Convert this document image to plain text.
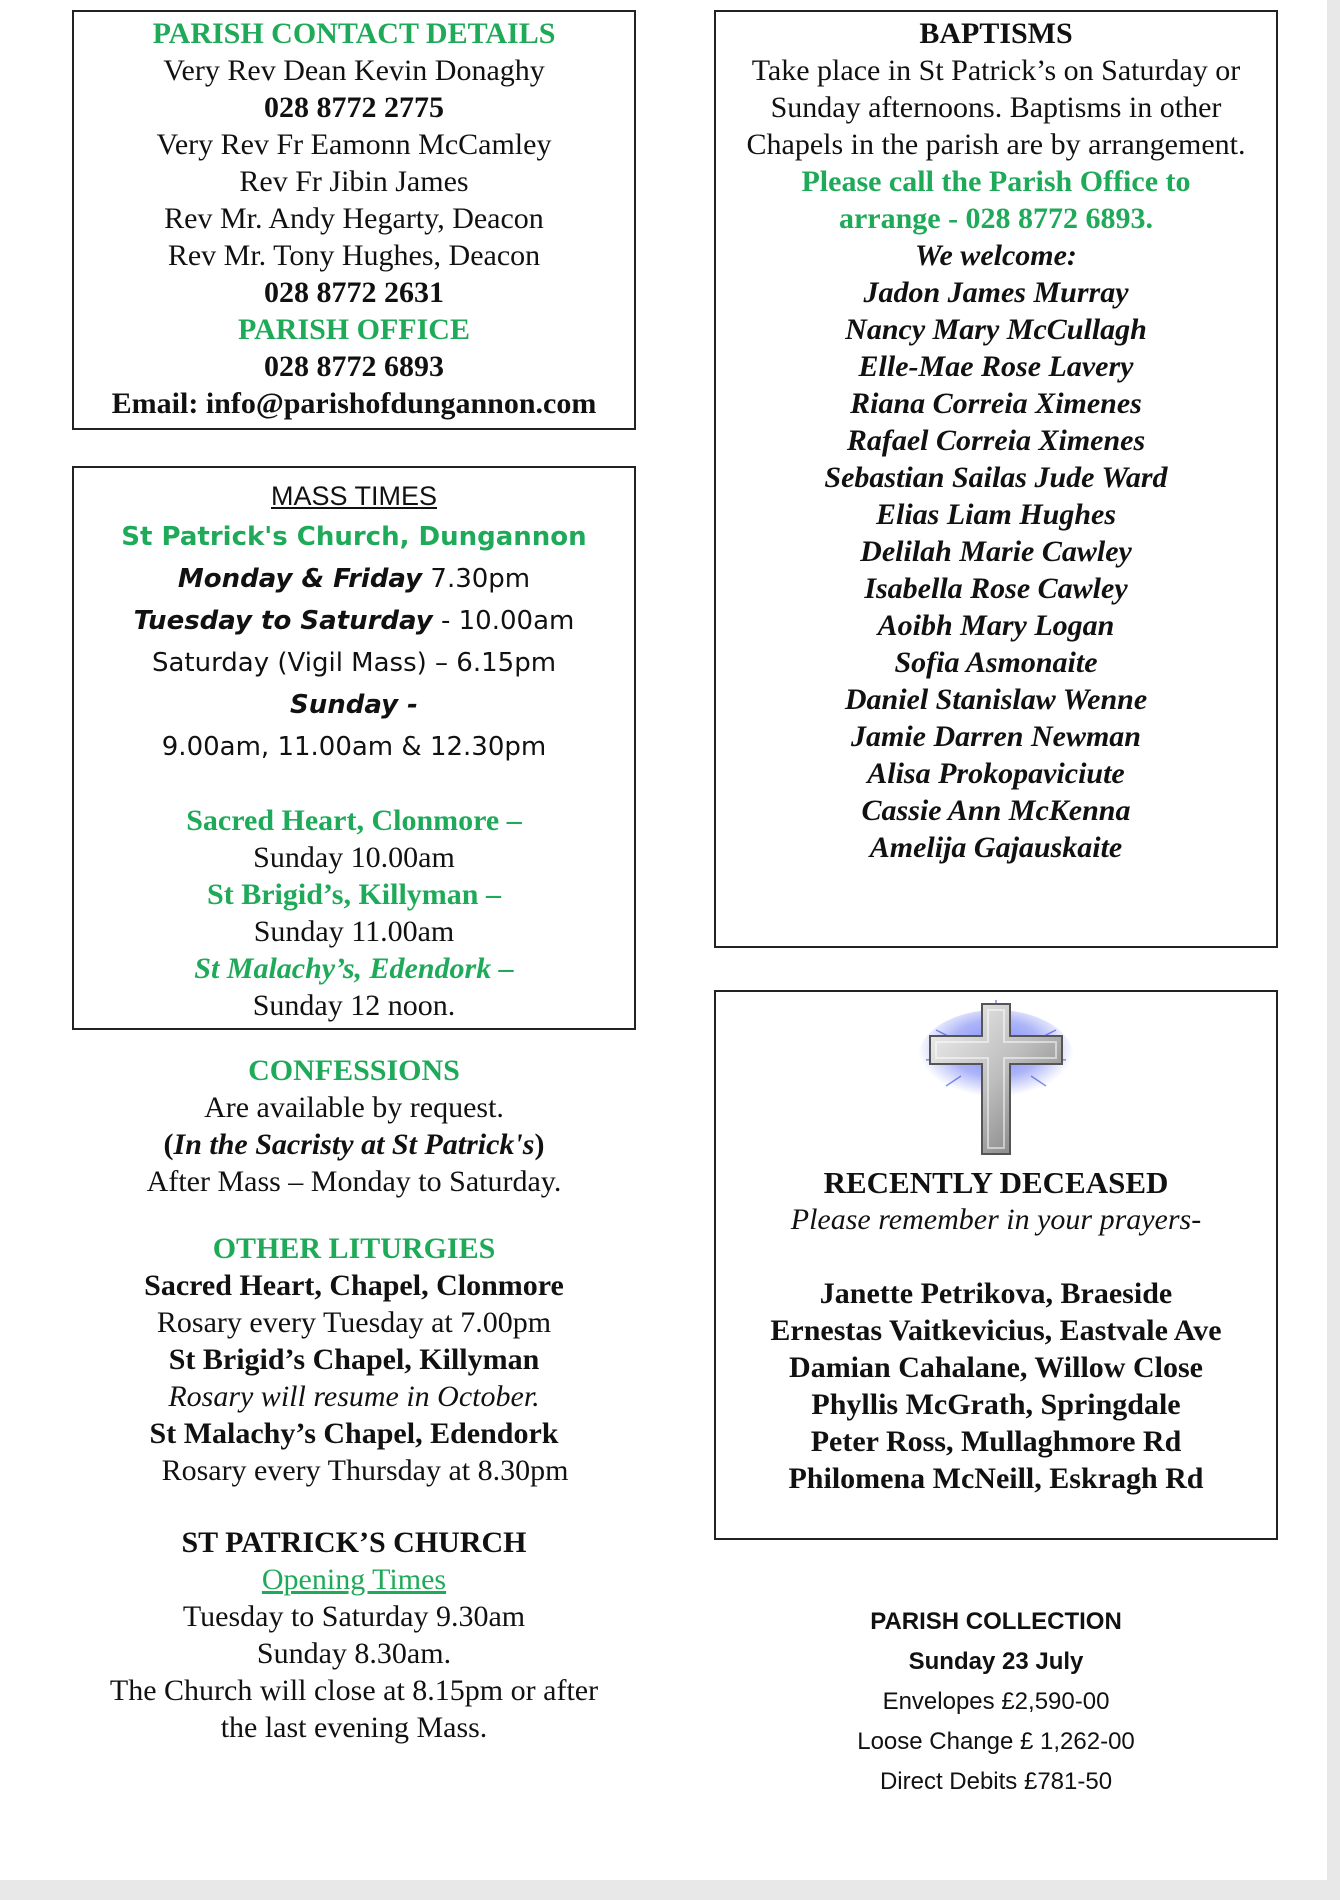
PARISH CONTACT DETAILS
Very Rev Dean Kevin Donaghy
028 8772 2775
Very Rev Fr Eamonn McCamley
Rev Fr Jibin James
Rev Mr. Andy Hegarty, Deacon
Rev Mr. Tony Hughes, Deacon
028 8772 2631
PARISH OFFICE
028 8772 6893
Email: info@parishofdungannon.com
MASS TIMES
St Patrick's Church, Dungannon
Monday & Friday 7.30pm
Tuesday to Saturday - 10.00am
Saturday (Vigil Mass) – 6.15pm
Sunday -
9.00am, 11.00am & 12.30pm
Sacred Heart, Clonmore –
Sunday 10.00am
St Brigid’s, Killyman –
Sunday 11.00am
St Malachy’s, Edendork –
Sunday 12 noon.
CONFESSIONS
Are available by request.
(In the Sacristy at St Patrick's)
After Mass – Monday to Saturday.
OTHER LITURGIES
Sacred Heart, Chapel, Clonmore
Rosary every Tuesday at 7.00pm
St Brigid’s Chapel, Killyman
Rosary will resume in October.
St Malachy’s Chapel, Edendork
Rosary every Thursday at 8.30pm
ST PATRICK’S CHURCH
Opening Times
Tuesday to Saturday 9.30am
Sunday 8.30am.
The Church will close at 8.15pm or after
the last evening Mass.
BAPTISMS
Take place in St Patrick’s on Saturday or Sunday afternoons. Baptisms in other Chapels in the parish are by arrangement.
Please call the Parish Office to
arrange - 028 8772 6893.
We welcome:
Jadon James Murray
Nancy Mary McCullagh
Elle-Mae Rose Lavery
Riana Correia Ximenes
Rafael Correia Ximenes
Sebastian Sailas Jude Ward
Elias Liam Hughes
Delilah Marie Cawley
Isabella Rose Cawley
Aoibh Mary Logan
Sofia Asmonaite
Daniel Stanislaw Wenne
Jamie Darren Newman
Alisa Prokopaviciute
Cassie Ann McKenna
Amelija Gajauskaite
RECENTLY DECEASED
Please remember in your prayers-
Janette Petrikova, Braeside
Ernestas Vaitkevicius, Eastvale Ave
Damian Cahalane, Willow Close
Phyllis McGrath, Springdale
Peter Ross, Mullaghmore Rd
Philomena McNeill, Eskragh Rd
PARISH COLLECTION
Sunday 23 July
Envelopes £2,590-00
Loose Change £ 1,262-00
Direct Debits £781-50
